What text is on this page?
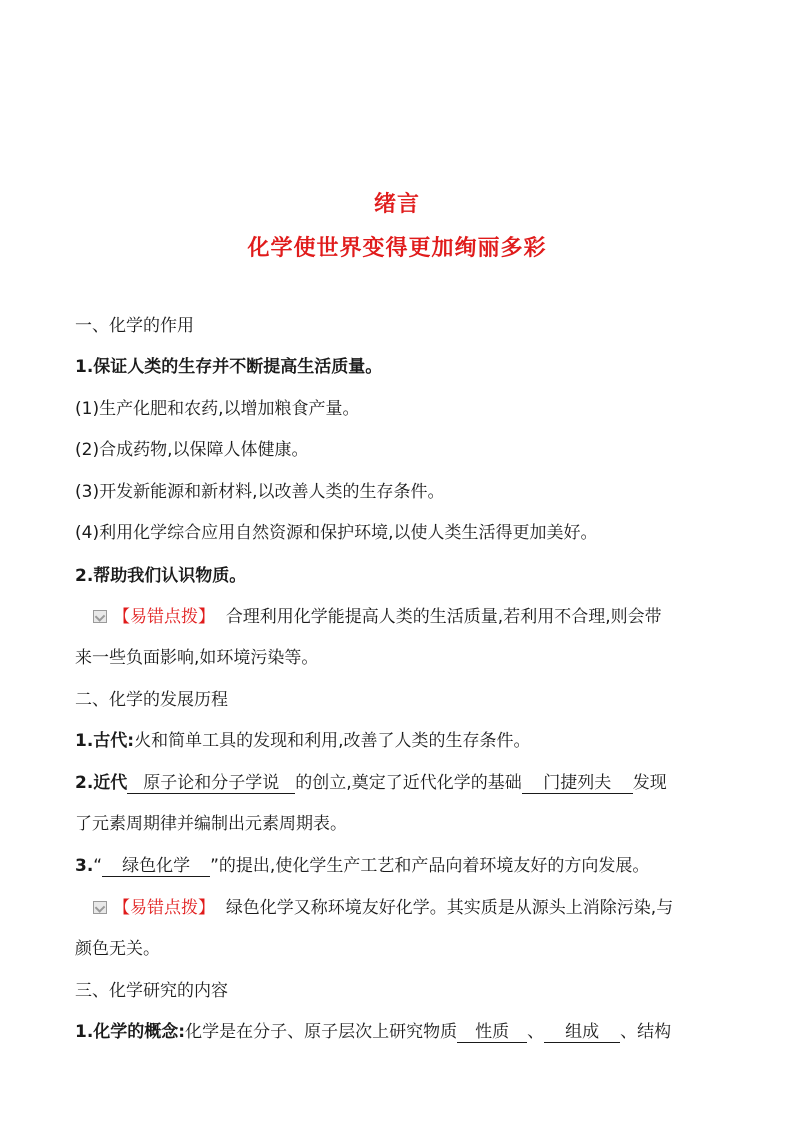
绪言
化学使世界变得更加绚丽多彩
一、化学的作用
1.保证人类的生存并不断提高生活质量。
(1)生产化肥和农药,以增加粮食产量。
(2)合成药物,以保障人体健康。
(3)开发新能源和新材料,以改善人类的生存条件。
(4)利用化学综合应用自然资源和保护环境,以使人类生活得更加美好。
2.帮助我们认识物质。
【易错点拨】 合理利用化学能提高人类的生活质量,若利用不合理,则会带
来一些负面影响,如环境污染等。
二、化学的发展历程
1.古代:火和简单工具的发现和利用,改善了人类的生存条件。
2.近代 原子论和分子学说 的创立,奠定了近代化学的基础 门捷列夫 发现
了元素周期律并编制出元素周期表。
3.“ 绿色化学 ”的提出,使化学生产工艺和产品向着环境友好的方向发展。
【易错点拨】 绿色化学又称环境友好化学。其实质是从源头上消除污染,与
颜色无关。
三、化学研究的内容
1.化学的概念:化学是在分子、原子层次上研究物质 性质 、 组成 、结构
